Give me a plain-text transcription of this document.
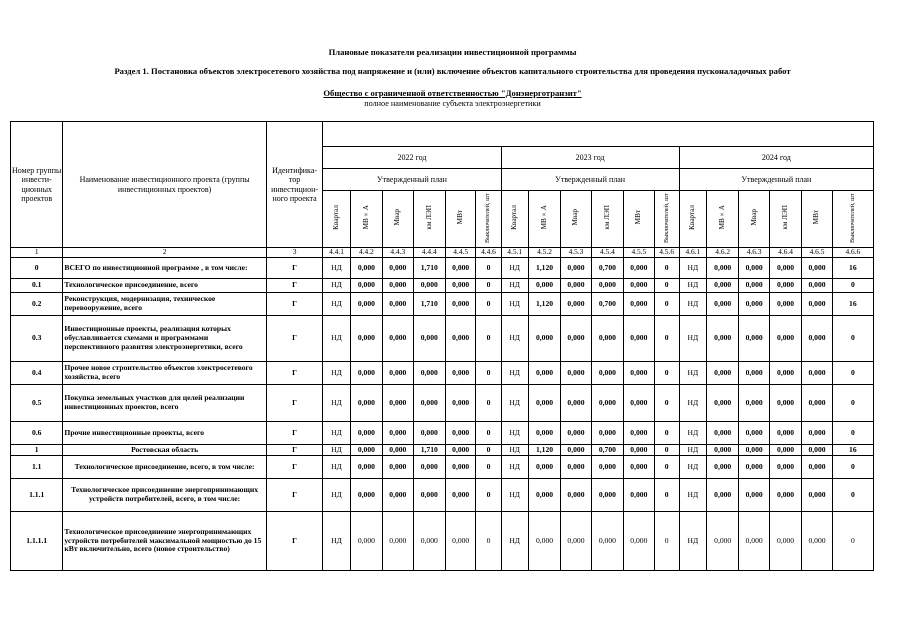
Плановые показатели реализации инвестиционной программы
Раздел 1. Постановка объектов электросетевого хозяйства под напряжение и (или) включение объектов капитального строительства для проведения пусконаладочных работ
Общество с ограниченной ответственностью "Донэнерготранзит"
полное наименование субъекта электроэнергетики
Номер группы инвести- ционных проектов	Наименование инвестиционного проекта (группы инвестиционных проектов)	Идентифика- тор инвестицион- ного проекта																		
			2022 год						2023 год						2024 год					
			Утвержденный план						Утвержденный план						Утвержденный план					
			Квартал	МВ×А	Мвар	км ЛЭП	МВт	Выключателей, шт	Квартал	МВ×А	Мвар	км ЛЭП	МВт	Выключателей, шт	Квартал	МВ×А	Мвар	км ЛЭП	МВт	Выключателей, шт
1	2	3	4.4.1	4.4.2	4.4.3	4.4.4	4.4.5	4.4.6	4.5.1	4.5.2	4.5.3	4.5.4	4.5.5	4.5.6	4.6.1	4.6.2	4.6.3	4.6.4	4.6.5	4.6.6
0	ВСЕГО по инвестиционной программе , в том числе:	Г	НД	0,000	0,000	1,710	0,000	0	НД	1,120	0,000	0,700	0,000	0	НД	0,000	0,000	0,000	0,000	16
0.1	Технологическое присоединение, всего	Г	НД	0,000	0,000	0,000	0,000	0	НД	0,000	0,000	0,000	0,000	0	НД	0,000	0,000	0,000	0,000	0
0.2	Реконструкция, модернизация, техническое перевооружение, всего	Г	НД	0,000	0,000	1,710	0,000	0	НД	1,120	0,000	0,700	0,000	0	НД	0,000	0,000	0,000	0,000	16
0.3	Инвестиционные проекты, реализация которых обуславливается схемами и программами перспективного развития электроэнергетики, всего	Г	НД	0,000	0,000	0,000	0,000	0	НД	0,000	0,000	0,000	0,000	0	НД	0,000	0,000	0,000	0,000	0
0.4	Прочее новое строительство объектов электросетевого хозяйства, всего	Г	НД	0,000	0,000	0,000	0,000	0	НД	0,000	0,000	0,000	0,000	0	НД	0,000	0,000	0,000	0,000	0
0.5	Покупка земельных участков для целей реализации инвестиционных проектов, всего	Г	НД	0,000	0,000	0,000	0,000	0	НД	0,000	0,000	0,000	0,000	0	НД	0,000	0,000	0,000	0,000	0
0.6	Прочие инвестиционные проекты, всего	Г	НД	0,000	0,000	0,000	0,000	0	НД	0,000	0,000	0,000	0,000	0	НД	0,000	0,000	0,000	0,000	0
1	Ростовская область	Г	НД	0,000	0,000	1,710	0,000	0	НД	1,120	0,000	0,700	0,000	0	НД	0,000	0,000	0,000	0,000	16
1.1	Технологическое присоединение, всего, в том числе:	Г	НД	0,000	0,000	0,000	0,000	0	НД	0,000	0,000	0,000	0,000	0	НД	0,000	0,000	0,000	0,000	0
1.1.1	Технологическое присоединение энергопринимающих устройств потребителей, всего, в том числе:	Г	НД	0,000	0,000	0,000	0,000	0	НД	0,000	0,000	0,000	0,000	0	НД	0,000	0,000	0,000	0,000	0
1.1.1.1	Технологическое присоединение энергопринимающих устройств потребителей максимальной мощностью до 15 кВт включительно, всего (новое строительство)	Г	НД	0,000	0,000	0,000	0,000	0	НД	0,000	0,000	0,000	0,000	0	НД	0,000	0,000	0,000	0,000	0
